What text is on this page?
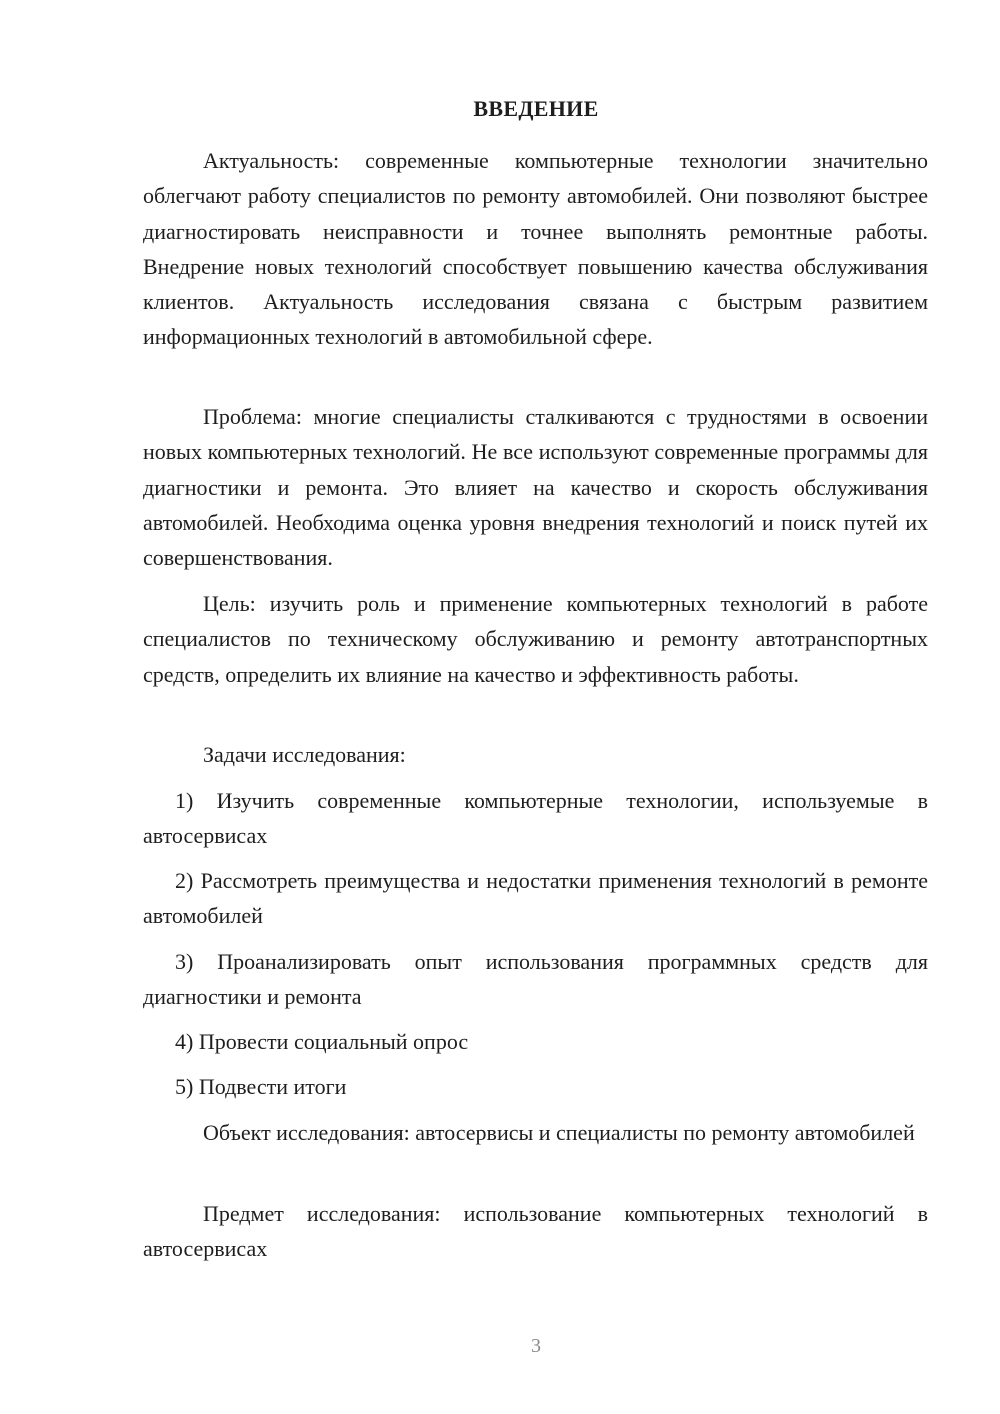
ВВЕДЕНИЕ

Актуальность: современные компьютерные технологии значительно облегчают работу специалистов по ремонту автомобилей. Они позволяют быстрее диагностировать неисправности и точнее выполнять ремонтные работы. Внедрение новых технологий способствует повышению качества обслуживания клиентов. Актуальность исследования связана с быстрым развитием информационных технологий в автомобильной сфере.

Проблема: многие специалисты сталкиваются с трудностями в освоении новых компьютерных технологий. Не все используют современные программы для диагностики и ремонта. Это влияет на качество и скорость обслуживания автомобилей. Необходима оценка уровня внедрения технологий и поиск путей их совершенствования.

Цель: изучить роль и применение компьютерных технологий в работе специалистов по техническому обслуживанию и ремонту автотранспортных средств, определить их влияние на качество и эффективность работы.

Задачи исследования:

1) Изучить современные компьютерные технологии, используемые в автосервисах

2) Рассмотреть преимущества и недостатки применения технологий в ремонте автомобилей

3) Проанализировать опыт использования программных средств для диагностики и ремонта

4) Провести социальный опрос

5) Подвести итоги

Объект исследования: автосервисы и специалисты по ремонту автомобилей

Предмет исследования: использование компьютерных технологий в автосервисах

3
